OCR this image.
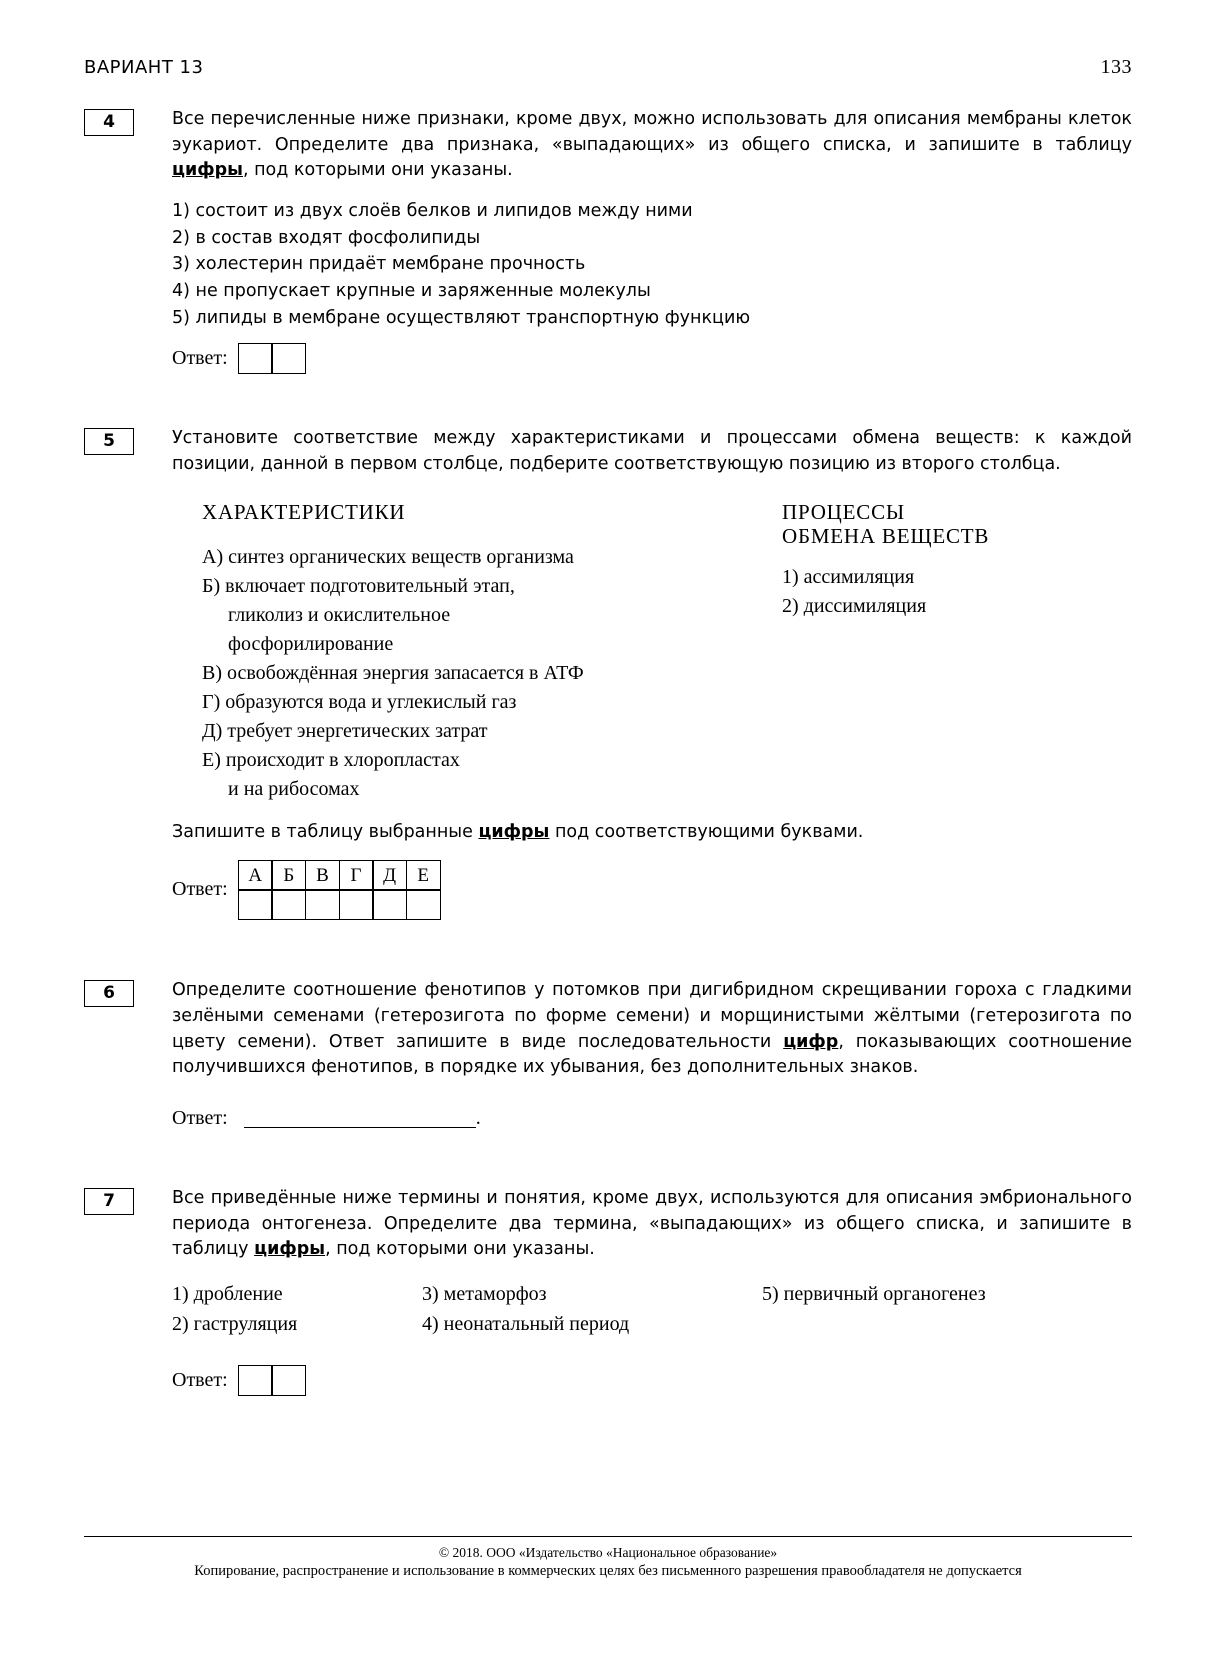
ВАРИАНТ 13	133
4	Все перечисленные ниже признаки, кроме двух, можно использовать для описания мембраны клеток эукариот. Определите два признака, «выпадающих» из общего списка, и запишите в таблицу цифры, под которыми они указаны.
1) состоит из двух слоёв белков и липидов между ними
2) в состав входят фосфолипиды
3) холестерин придаёт мембране прочность
4) не пропускает крупные и заряженные молекулы
5) липиды в мембране осуществляют транспортную функцию
Ответ:
5	Установите соответствие между характеристиками и процессами обмена веществ: к каждой позиции, данной в первом столбце, подберите соответствующую позицию из второго столбца.
ХАРАКТЕРИСТИКИ
А) синтез органических веществ организма
Б) включает подготовительный этап,
гликолиз и окислительное
фосфорилирование
В) освобождённая энергия запасается в АТФ
Г) образуются вода и углекислый газ
Д) требует энергетических затрат
Е) происходит в хлоропластах
и на рибосомах
ПРОЦЕССЫ
ОБМЕНА ВЕЩЕСТВ
1) ассимиляция
2) диссимиляция
Запишите в таблицу выбранные цифры под соответствующими буквами.
Ответ:
А	Б	В	Г	Д	Е
6	Определите соотношение фенотипов у потомков при дигибридном скрещивании гороха с гладкими зелёными семенами (гетерозигота по форме семени) и морщинистыми жёлтыми (гетерозигота по цвету семени). Ответ запишите в виде последовательности цифр, показывающих соотношение получившихся фенотипов, в порядке их убывания, без дополнительных знаков.
Ответ:	.
7	Все приведённые ниже термины и понятия, кроме двух, используются для описания эмбрионального периода онтогенеза. Определите два термина, «выпадающих» из общего списка, и запишите в таблицу цифры, под которыми они указаны.
1) дробление
2) гаструляция
3) метаморфоз
4) неонатальный период
5) первичный органогенез
Ответ:
© 2018. ООО «Издательство «Национальное образование»
Копирование, распространение и использование в коммерческих целях без письменного разрешения правообладателя не допускается
